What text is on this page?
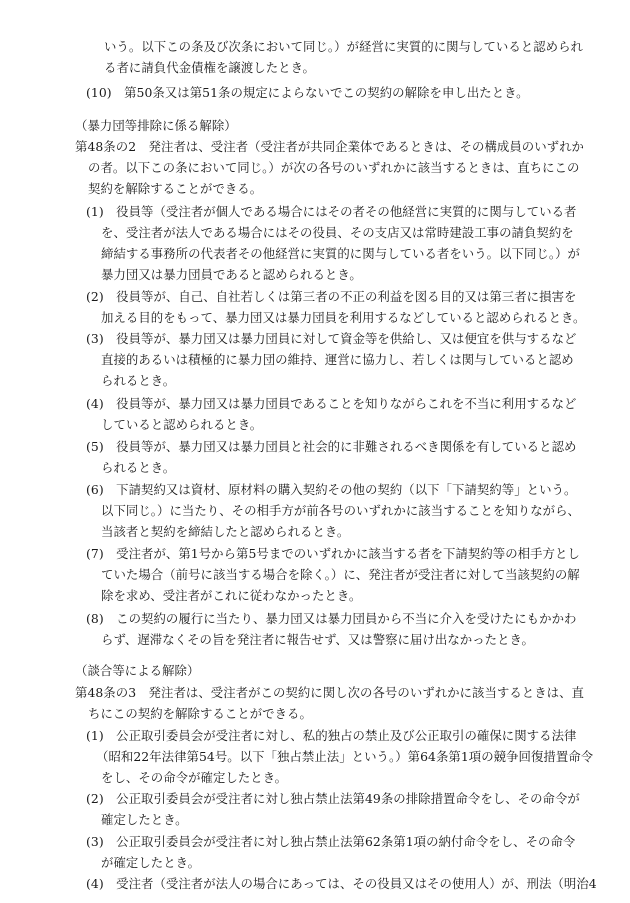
いう。以下この条及び次条において同じ。）が経営に実質的に関与していると認められ
る者に請負代金債権を譲渡したとき。
(10)　第50条又は第51条の規定によらないでこの契約の解除を申し出たとき。
（暴力団等排除に係る解除）
第48条の2　発注者は、受注者（受注者が共同企業体であるときは、その構成員のいずれか
の者。以下この条において同じ。）が次の各号のいずれかに該当するときは、直ちにこの
契約を解除することができる。
(1)　役員等（受注者が個人である場合にはその者その他経営に実質的に関与している者
を、受注者が法人である場合にはその役員、その支店又は常時建設工事の請負契約を
締結する事務所の代表者その他経営に実質的に関与している者をいう。以下同じ。）が
暴力団又は暴力団員であると認められるとき。
(2)　役員等が、自己、自社若しくは第三者の不正の利益を図る目的又は第三者に損害を
加える目的をもって、暴力団又は暴力団員を利用するなどしていると認められるとき。
(3)　役員等が、暴力団又は暴力団員に対して資金等を供給し、又は便宜を供与するなど
直接的あるいは積極的に暴力団の維持、運営に協力し、若しくは関与していると認め
られるとき。
(4)　役員等が、暴力団又は暴力団員であることを知りながらこれを不当に利用するなど
していると認められるとき。
(5)　役員等が、暴力団又は暴力団員と社会的に非難されるべき関係を有していると認め
られるとき。
(6)　下請契約又は資材、原材料の購入契約その他の契約（以下「下請契約等」という。
以下同じ。）に当たり、その相手方が前各号のいずれかに該当することを知りながら、
当該者と契約を締結したと認められるとき。
(7)　受注者が、第1号から第5号までのいずれかに該当する者を下請契約等の相手方とし
ていた場合（前号に該当する場合を除く。）に、発注者が受注者に対して当該契約の解
除を求め、受注者がこれに従わなかったとき。
(8)　この契約の履行に当たり、暴力団又は暴力団員から不当に介入を受けたにもかかわ
らず、遅滞なくその旨を発注者に報告せず、又は警察に届け出なかったとき。
（談合等による解除）
第48条の3　発注者は、受注者がこの契約に関し次の各号のいずれかに該当するときは、直
ちにこの契約を解除することができる。
(1)　公正取引委員会が受注者に対し、私的独占の禁止及び公正取引の確保に関する法律
（昭和22年法律第54号。以下「独占禁止法」という。）第64条第1項の競争回復措置命令
をし、その命令が確定したとき。
(2)　公正取引委員会が受注者に対し独占禁止法第49条の排除措置命令をし、その命令が
確定したとき。
(3)　公正取引委員会が受注者に対し独占禁止法第62条第1項の納付命令をし、その命令
が確定したとき。
(4)　受注者（受注者が法人の場合にあっては、その役員又はその使用人）が、刑法（明治4
